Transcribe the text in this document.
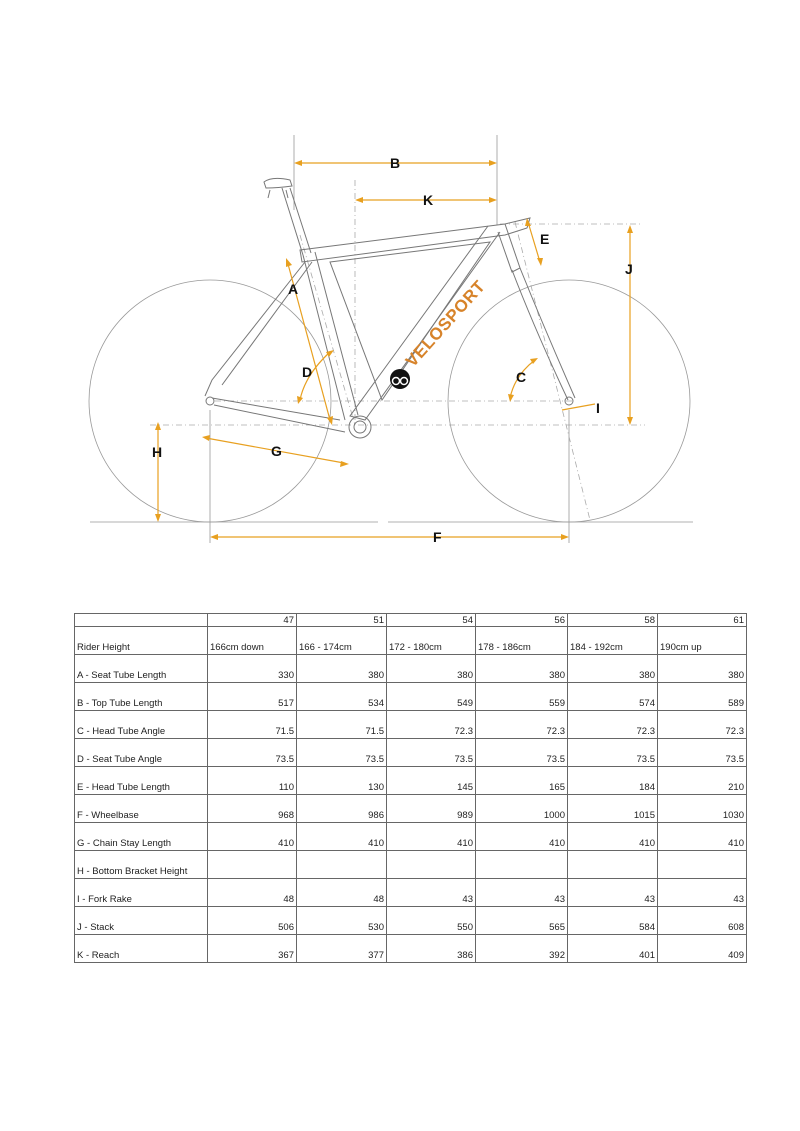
VELOSPORT
B
K
E
J
A
D	C
I
H	G
F
	47	51	54	56	58	61
Rider Height	166cm down	166 - 174cm	172 - 180cm	178 - 186cm	184 - 192cm	190cm up
A - Seat Tube Length	330	380	380	380	380	380
B - Top Tube Length	517	534	549	559	574	589
C - Head Tube Angle	71.5	71.5	72.3	72.3	72.3	72.3
D - Seat Tube Angle	73.5	73.5	73.5	73.5	73.5	73.5
E - Head Tube Length	110	130	145	165	184	210
F - Wheelbase	968	986	989	1000	1015	1030
G - Chain Stay Length	410	410	410	410	410	410
H - Bottom Bracket Height						
I - Fork Rake	48	48	43	43	43	43
J - Stack	506	530	550	565	584	608
K - Reach	367	377	386	392	401	409
